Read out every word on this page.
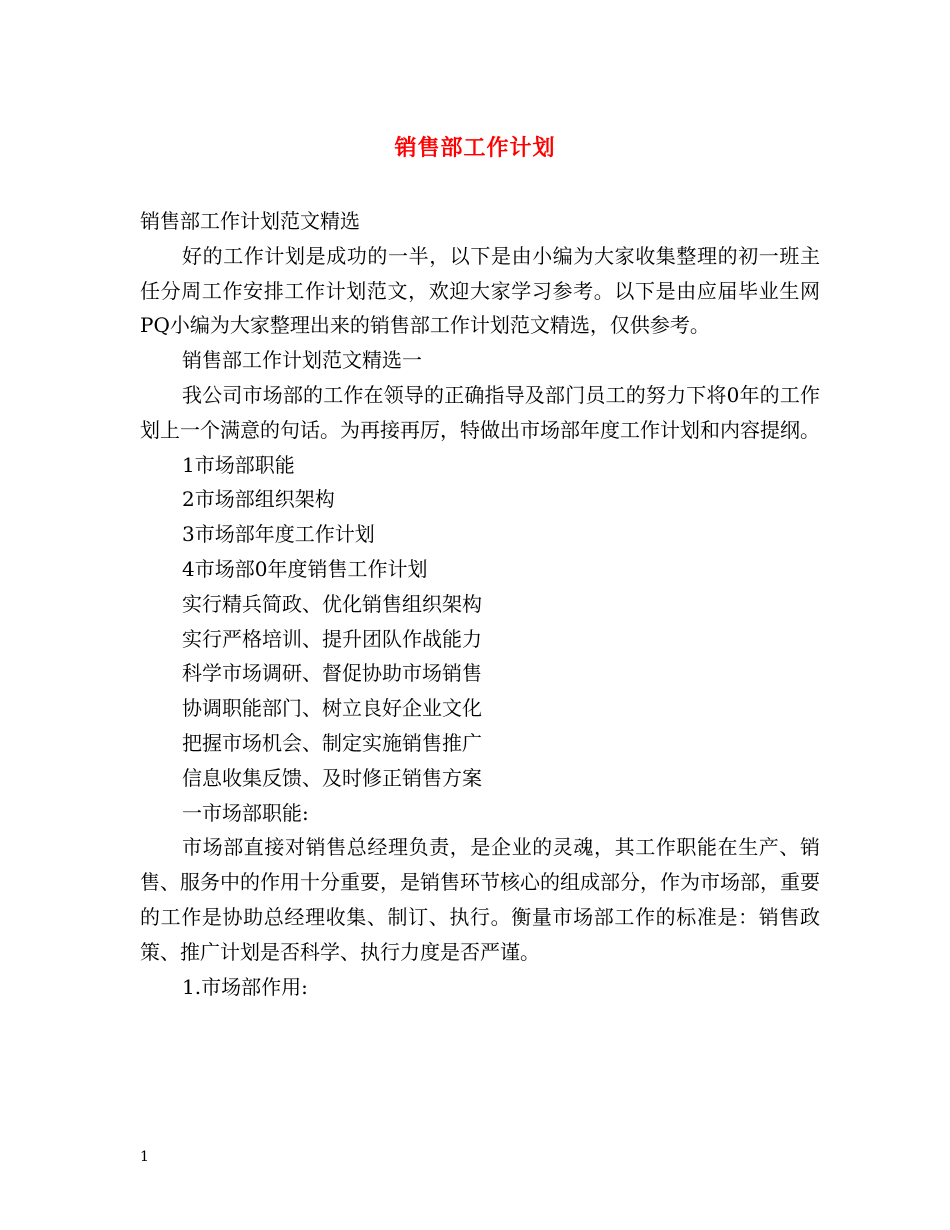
销售部工作计划

销售部工作计划范文精选

好的工作计划是成功的一半，以下是由小编为大家收集整理的初一班主任分周工作安排工作计划范文，欢迎大家学习参考。以下是由应届毕业生网PQ小编为大家整理出来的销售部工作计划范文精选，仅供参考。

销售部工作计划范文精选一

我公司市场部的工作在领导的正确指导及部门员工的努力下将0年的工作划上一个满意的句话。为再接再厉，特做出市场部年度工作计划和内容提纲。

1市场部职能

2市场部组织架构

3市场部年度工作计划

4市场部0年度销售工作计划

实行精兵简政、优化销售组织架构

实行严格培训、提升团队作战能力

科学市场调研、督促协助市场销售

协调职能部门、树立良好企业文化

把握市场机会、制定实施销售推广

信息收集反馈、及时修正销售方案

一市场部职能:

市场部直接对销售总经理负责，是企业的灵魂，其工作职能在生产、销售、服务中的作用十分重要，是销售环节核心的组成部分，作为市场部，重要的工作是协助总经理收集、制订、执行。衡量市场部工作的标准是：销售政策、推广计划是否科学、执行力度是否严谨。

1.市场部作用:

1
